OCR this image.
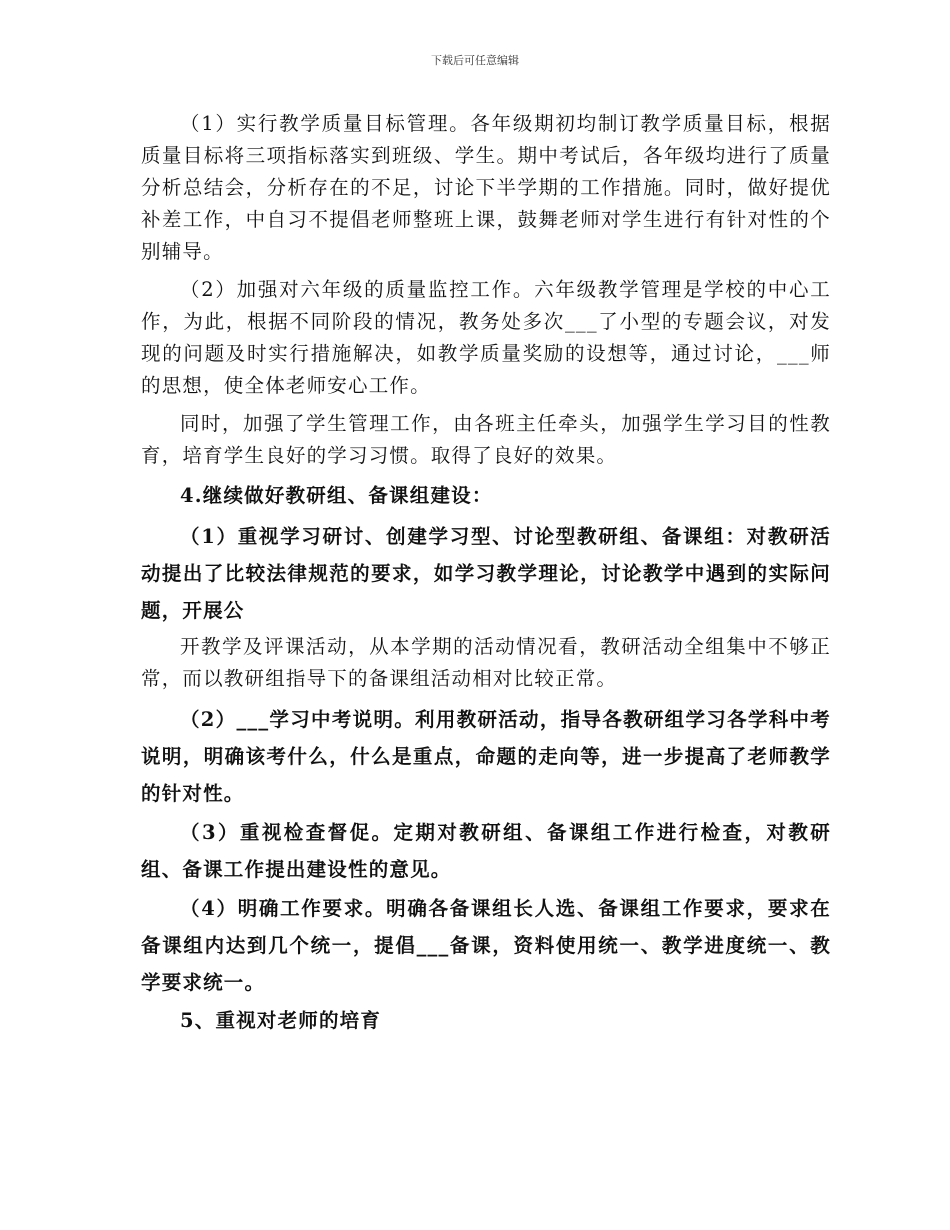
下载后可任意编辑

（1）实行教学质量目标管理。各年级期初均制订教学质量目标，根据质量目标将三项指标落实到班级、学生。期中考试后，各年级均进行了质量分析总结会，分析存在的不足，讨论下半学期的工作措施。同时，做好提优补差工作，中自习不提倡老师整班上课，鼓舞老师对学生进行有针对性的个别辅导。

（2）加强对六年级的质量监控工作。六年级教学管理是学校的中心工作，为此，根据不同阶段的情况，教务处多次___了小型的专题会议，对发现的问题及时实行措施解决，如教学质量奖励的设想等，通过讨论，___师的思想，使全体老师安心工作。

同时，加强了学生管理工作，由各班主任牵头，加强学生学习目的性教育，培育学生良好的学习习惯。取得了良好的效果。

4.继续做好教研组、备课组建设：

（1）重视学习研讨、创建学习型、讨论型教研组、备课组：对教研活动提出了比较法律规范的要求，如学习教学理论，讨论教学中遇到的实际问题，开展公

开教学及评课活动，从本学期的活动情况看，教研活动全组集中不够正常，而以教研组指导下的备课组活动相对比较正常。

（2）___学习中考说明。利用教研活动，指导各教研组学习各学科中考说明，明确该考什么，什么是重点，命题的走向等，进一步提高了老师教学的针对性。

（3）重视检查督促。定期对教研组、备课组工作进行检查，对教研组、备课工作提出建设性的意见。

（4）明确工作要求。明确各备课组长人选、备课组工作要求，要求在备课组内达到几个统一，提倡___备课，资料使用统一、教学进度统一、教学要求统一。

5、重视对老师的培育
